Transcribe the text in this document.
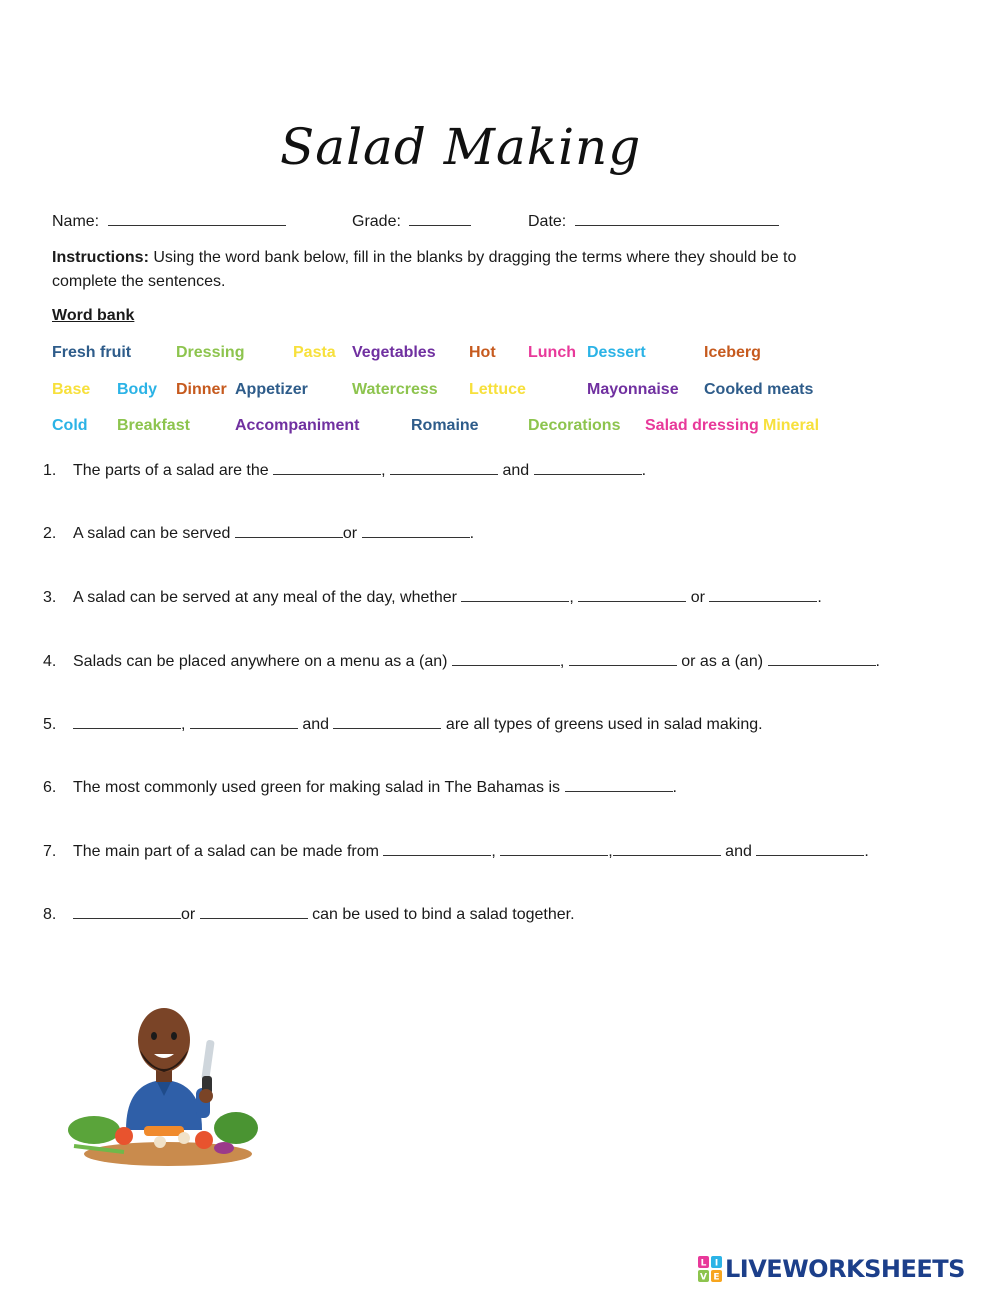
Salad Making
Name:	Grade:	Date:
Instructions: Using the word bank below, fill in the blanks by dragging the terms where they should be to complete the sentences.
Word bank
Fresh fruit	Dressing	Pasta Vegetables Hot Lunch Dessert	Iceberg
Base Body Dinner Appetizer	Watercress Lettuce	Mayonnaise Cooked meats
Cold Breakfast	Accompaniment	Romaine	Decorations Salad dressing Mineral
1. The parts of a salad are the	,	and	.
2. A salad can be served	or	.
3. A salad can be served at any meal of the day, whether	,	or	.
4. Salads can be placed anywhere on a menu as a (an)	,	or as a (an)	.
5.	,	and	are all types of greens used in salad making.
6. The most commonly used green for making salad in The Bahamas is	.
7. The main part of a salad can be made from	,	,	and	.
8.	or	can be used to bind a salad together.
L I
V E LIVEWORKSHEETS
